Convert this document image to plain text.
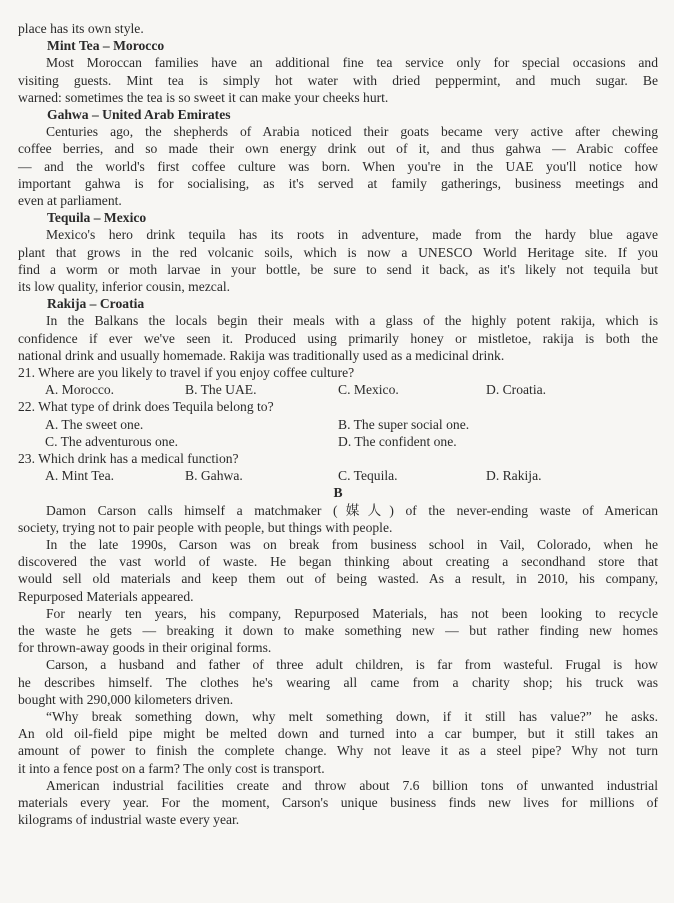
place has its own style.

Mint Tea – Morocco

Most Moroccan families have an additional fine tea service only for special occasions and

visiting guests. Mint tea is simply hot water with dried peppermint, and much sugar. Be

warned: sometimes the tea is so sweet it can make your cheeks hurt.

Gahwa – United Arab Emirates

Centuries ago, the shepherds of Arabia noticed their goats became very active after chewing

coffee berries, and so made their own energy drink out of it, and thus gahwa — Arabic coffee

— and the world's first coffee culture was born. When you're in the UAE you'll notice how

important gahwa is for socialising, as it's served at family gatherings, business meetings and

even at parliament.

Tequila – Mexico

Mexico's hero drink tequila has its roots in adventure, made from the hardy blue agave

plant that grows in the red volcanic soils, which is now a UNESCO World Heritage site. If you

find a worm or moth larvae in your bottle, be sure to send it back, as it's likely not tequila but

its low quality, inferior cousin, mezcal.

Rakija – Croatia

In the Balkans the locals begin their meals with a glass of the highly potent rakija, which is

confidence if ever we've seen it. Produced using primarily honey or mistletoe, rakija is both the

national drink and usually homemade. Rakija was traditionally used as a medicinal drink.

21. Where are you likely to travel if you enjoy coffee culture?

A. Morocco.	B. The UAE.	C. Mexico.	D. Croatia.

22. What type of drink does Tequila belong to?

A. The sweet one.	B. The super social one.
C. The adventurous one.	D. The confident one.

23. Which drink has a medical function?

A. Mint Tea.	B. Gahwa.	C. Tequila.	D. Rakija.

B

Damon Carson calls himself a matchmaker (媒人) of the never-ending waste of American

society, trying not to pair people with people, but things with people.

In the late 1990s, Carson was on break from business school in Vail, Colorado, when he

discovered the vast world of waste. He began thinking about creating a secondhand store that

would sell old materials and keep them out of being wasted. As a result, in 2010, his company,

Repurposed Materials appeared.

For nearly ten years, his company, Repurposed Materials, has not been looking to recycle

the waste he gets — breaking it down to make something new — but rather finding new homes

for thrown-away goods in their original forms.

Carson, a husband and father of three adult children, is far from wasteful. Frugal is how

he describes himself. The clothes he's wearing all came from a charity shop; his truck was

bought with 290,000 kilometers driven.

“Why break something down, why melt something down, if it still has value?” he asks.

An old oil-field pipe might be melted down and turned into a car bumper, but it still takes an

amount of power to finish the complete change. Why not leave it as a steel pipe? Why not turn

it into a fence post on a farm? The only cost is transport.

American industrial facilities create and throw about 7.6 billion tons of unwanted industrial

materials every year. For the moment, Carson's unique business finds new lives for millions of

kilograms of industrial waste every year.
